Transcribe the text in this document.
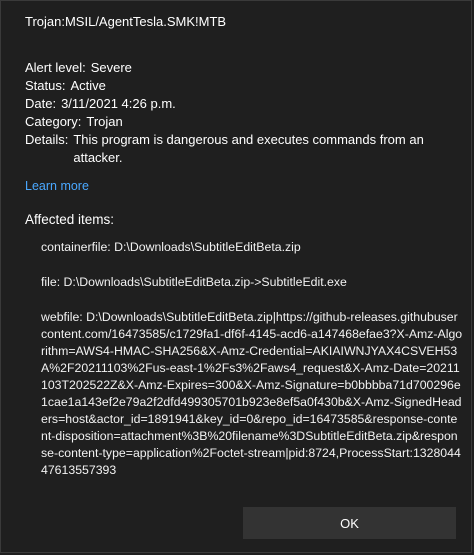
Trojan:MSIL/AgentTesla.SMK!MTB
Alert level: Severe
Status: Active
Date: 3/11/2021 4:26 p.m.
Category: Trojan
Details: This program is dangerous and executes commands from an attacker.
Learn more
Affected items:
containerfile: D:\Downloads\SubtitleEditBeta.zip
file: D:\Downloads\SubtitleEditBeta.zip->SubtitleEdit.exe
webfile: D:\Downloads\SubtitleEditBeta.zip|https://github-releases.githubusercontent.com/16473585/c1729fa1-df6f-4145-acd6-a147468efae3?X-Amz-Algorithm=AWS4-HMAC-SHA256&X-Amz-Credential=AKIAIWNJYAX4CSVEH53A%2F20211103%2Fus-east-1%2Fs3%2Faws4_request&X-Amz-Date=20211103T202522Z&X-Amz-Expires=300&X-Amz-Signature=b0bbbba71d700296e1cae1a143ef2e79a2f2dfd499305701b923e8ef5a0f430b&X-Amz-SignedHeaders=host&actor_id=1891941&key_id=0&repo_id=16473585&response-content-disposition=attachment%3B%20filename%3DSubtitleEditBeta.zip&response-content-type=application%2Foctet-stream|pid:8724,ProcessStart:132804447613557393
OK
